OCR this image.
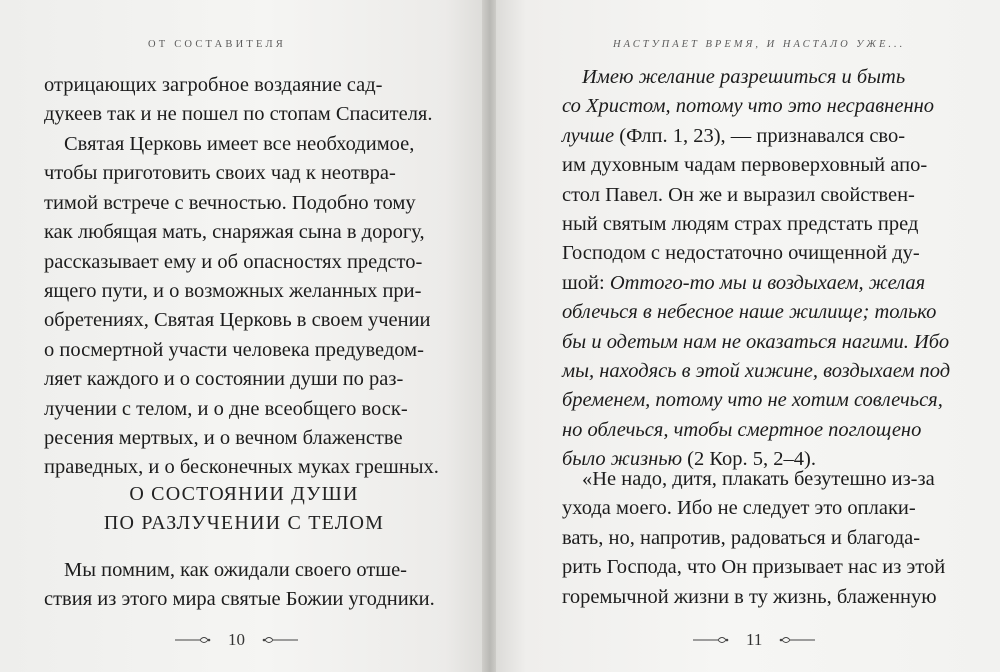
ОТ СОСТАВИТЕЛЯ

отрицающих загробное воздаяние сад-
дукеев так и не пошел по стопам Спасителя.

Святая Церковь имеет все необходимое,
чтобы приготовить своих чад к неотвра-
тимой встрече с вечностью. Подобно тому
как любящая мать, снаряжая сына в дорогу,
рассказывает ему и об опасностях предсто-
ящего пути, и о возможных желанных при-
обретениях, Святая Церковь в своем учении
о посмертной участи человека предуведом-
ляет каждого и о состоянии души по раз-
лучении с телом, и о дне всеобщего воск-
ресения мертвых, и о вечном блаженстве
праведных, и о бесконечных муках грешных.

О СОСТОЯНИИ ДУШИ
ПО РАЗЛУЧЕНИИ С ТЕЛОМ

Мы помним, как ожидали своего отше-
ствия из этого мира святые Божии угодники.

10
НАСТУПАЕТ ВРЕМЯ, И НАСТАЛО УЖЕ...

Имею желание разрешиться и быть
со Христом, потому что это несравненно
лучше (Флп. 1, 23), — признавался сво-
им духовным чадам первоверховный апо-
стол Павел. Он же и выразил свойствен-
ный святым людям страх предстать пред
Господом с недостаточно очищенной ду-
шой: Оттого-то мы и воздыхаем, желая
облечься в небесное наше жилище; только
бы и одетым нам не оказаться нагими. Ибо
мы, находясь в этой хижине, воздыхаем под
бременем, потому что не хотим совлечься,
но облечься, чтобы смертное поглощено
было жизнью (2 Кор. 5, 2–4).

«Не надо, дитя, плакать безутешно из-за
ухода моего. Ибо не следует это оплаки-
вать, но, напротив, радоваться и благода-
рить Господа, что Он призывает нас из этой
горемычной жизни в ту жизнь, блаженную

11
